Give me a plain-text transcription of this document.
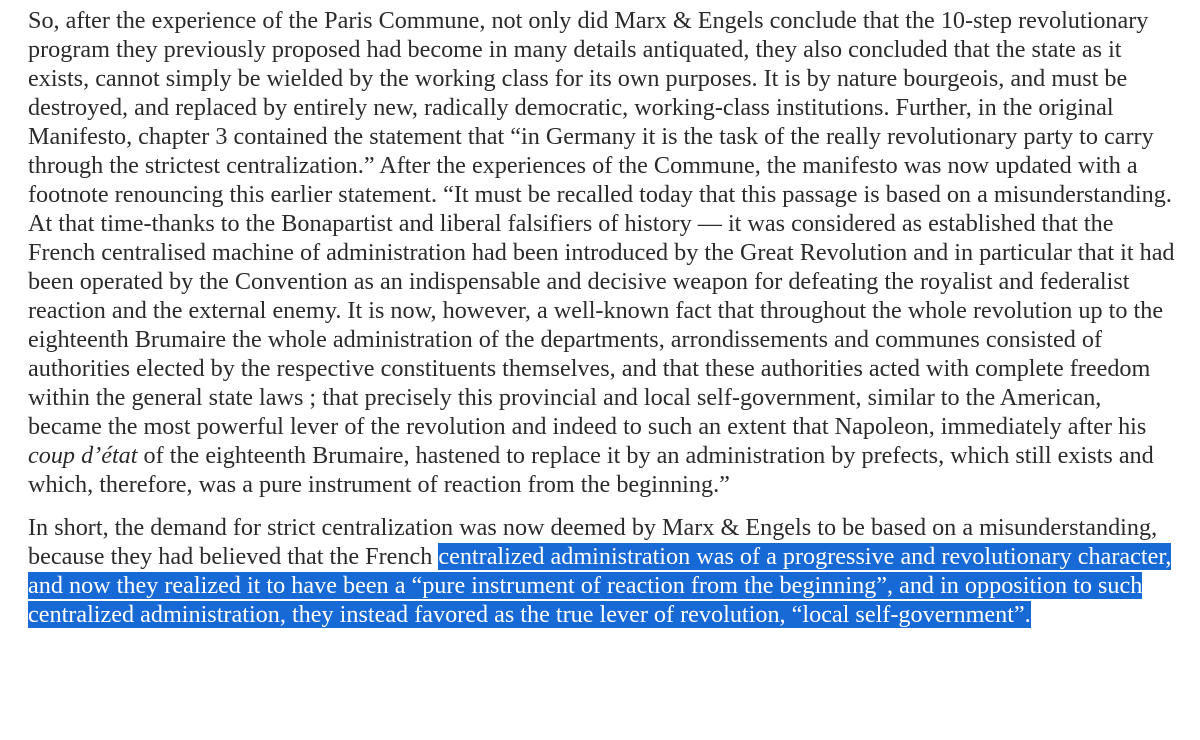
So, after the experience of the Paris Commune, not only did Marx & Engels conclude that the 10-step revolutionary program they previously proposed had become in many details antiquated, they also concluded that the state as it exists, cannot simply be wielded by the working class for its own purposes. It is by nature bourgeois, and must be destroyed, and replaced by entirely new, radically democratic, working-class institutions. Further, in the original Manifesto, chapter 3 contained the statement that “in Germany it is the task of the really revolutionary party to carry through the strictest centralization.” After the experiences of the Commune, the manifesto was now updated with a footnote renouncing this earlier statement. “It must be recalled today that this passage is based on a misunderstanding. At that time-thanks to the Bonapartist and liberal falsifiers of history — it was considered as established that the French centralised machine of administration had been introduced by the Great Revolution and in particular that it had been operated by the Convention as an indispensable and decisive weapon for defeating the royalist and federalist reaction and the external enemy. It is now, however, a well-known fact that throughout the whole revolution up to the eighteenth Brumaire the whole administration of the departments, arrondissements and communes consisted of authorities elected by the respective constituents themselves, and that these authorities acted with complete freedom within the general state laws ; that precisely this provincial and local self-government, similar to the American, became the most powerful lever of the revolution and indeed to such an extent that Napoleon, immediately after his coup d’état of the eighteenth Brumaire, hastened to replace it by an administration by prefects, which still exists and which, therefore, was a pure instrument of reaction from the beginning.”

In short, the demand for strict centralization was now deemed by Marx & Engels to be based on a misunderstanding, because they had believed that the French centralized administration was of a progressive and revolutionary character, and now they realized it to have been a “pure instrument of reaction from the beginning”, and in opposition to such centralized administration, they instead favored as the true lever of revolution, “local self-government”.
